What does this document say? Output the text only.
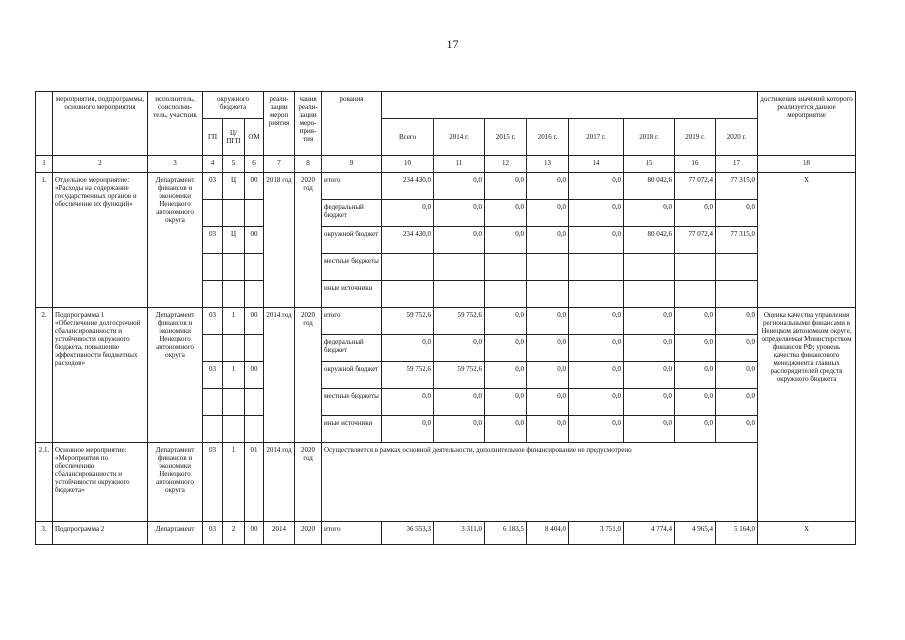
17
	мероприятия, подпрограммы, основного мероприятия	исполнитель, соисполни- тель, участник	окружного бюджета			реали- зации мероп риятия	чания реали- зации меро- прия- тия	рования									достижения значений которого реализуется данное мероприятие
			ГП	Ц/ПГП	ОМ				Всего	2014 г.	2015 г.	2016 г.	2017 г.	2018 г.	2019 г.	2020 г.	
1	2	3	4	5	6	7	8	9	10	11	12	13	14	15	16	17	18
1.	Отдельное мероприятие: «Расходы на содержание государственных органов и обеспечение их функций»	Департамент финансов и экономики Ненецкого автономного округа	03	Ц	00	2018 год	2020 год	итого	234 430,0	0,0	0,0	0,0	0,0	80 042,6	77 072,4	77 315,0	Х
								федеральный бюджет	0,0	0,0	0,0	0,0	0,0	0,0	0,0	0,0	
			03	Ц	00			окружной бюджет	234 430,0	0,0	0,0	0,0	0,0	80 042,6	77 072,4	77 315,0	
								местные бюджеты									
								иные источники									
2.	Подпрограмма 1 «Обеспечение долгосрочной сбалансированности и устойчивости окружного бюджета, повышение эффективности бюджетных расходов»	Департамент финансов и экономики Ненецкого автономного округа	03	1	00	2014 год	2020 год	итого	59 752,6	59 752,6	0,0	0,0	0,0	0,0	0,0	0,0	Оценка качества управления региональными финансами в Ненецком автономном округе, определяемая Министерством финансов РФ; уровень качества финансового менеджмента главных распорядителей средств окружного бюджета
								федеральный бюджет	0,0	0,0	0,0	0,0	0,0	0,0	0,0	0,0	
			03	1	00			окружной бюджет	59 752,6	59 752,6	0,0	0,0	0,0	0,0	0,0	0,0	
								местные бюджеты	0,0	0,0	0,0	0,0	0,0	0,0	0,0	0,0	
								иные источники	0,0	0,0	0,0	0,0	0,0	0,0	0,0	0,0	
2.1.	Основное мероприятие: «Мероприятия по обеспечению сбалансированности и устойчивости окружного бюджета»	Департамент финансов и экономики Ненецкого автономного округа	03	1	01	2014 год	2020 год	Осуществляется в рамках основной деятельности, дополнительное финансирование не предусмотрено									
3.	Подпрограмма 2	Департамент	03	2	00	2014	2020	итого	36 553,3	3 311,0	6 183,5	8 404,0	3 751,0	4 774,4	4 965,4	5 164,0	Х
